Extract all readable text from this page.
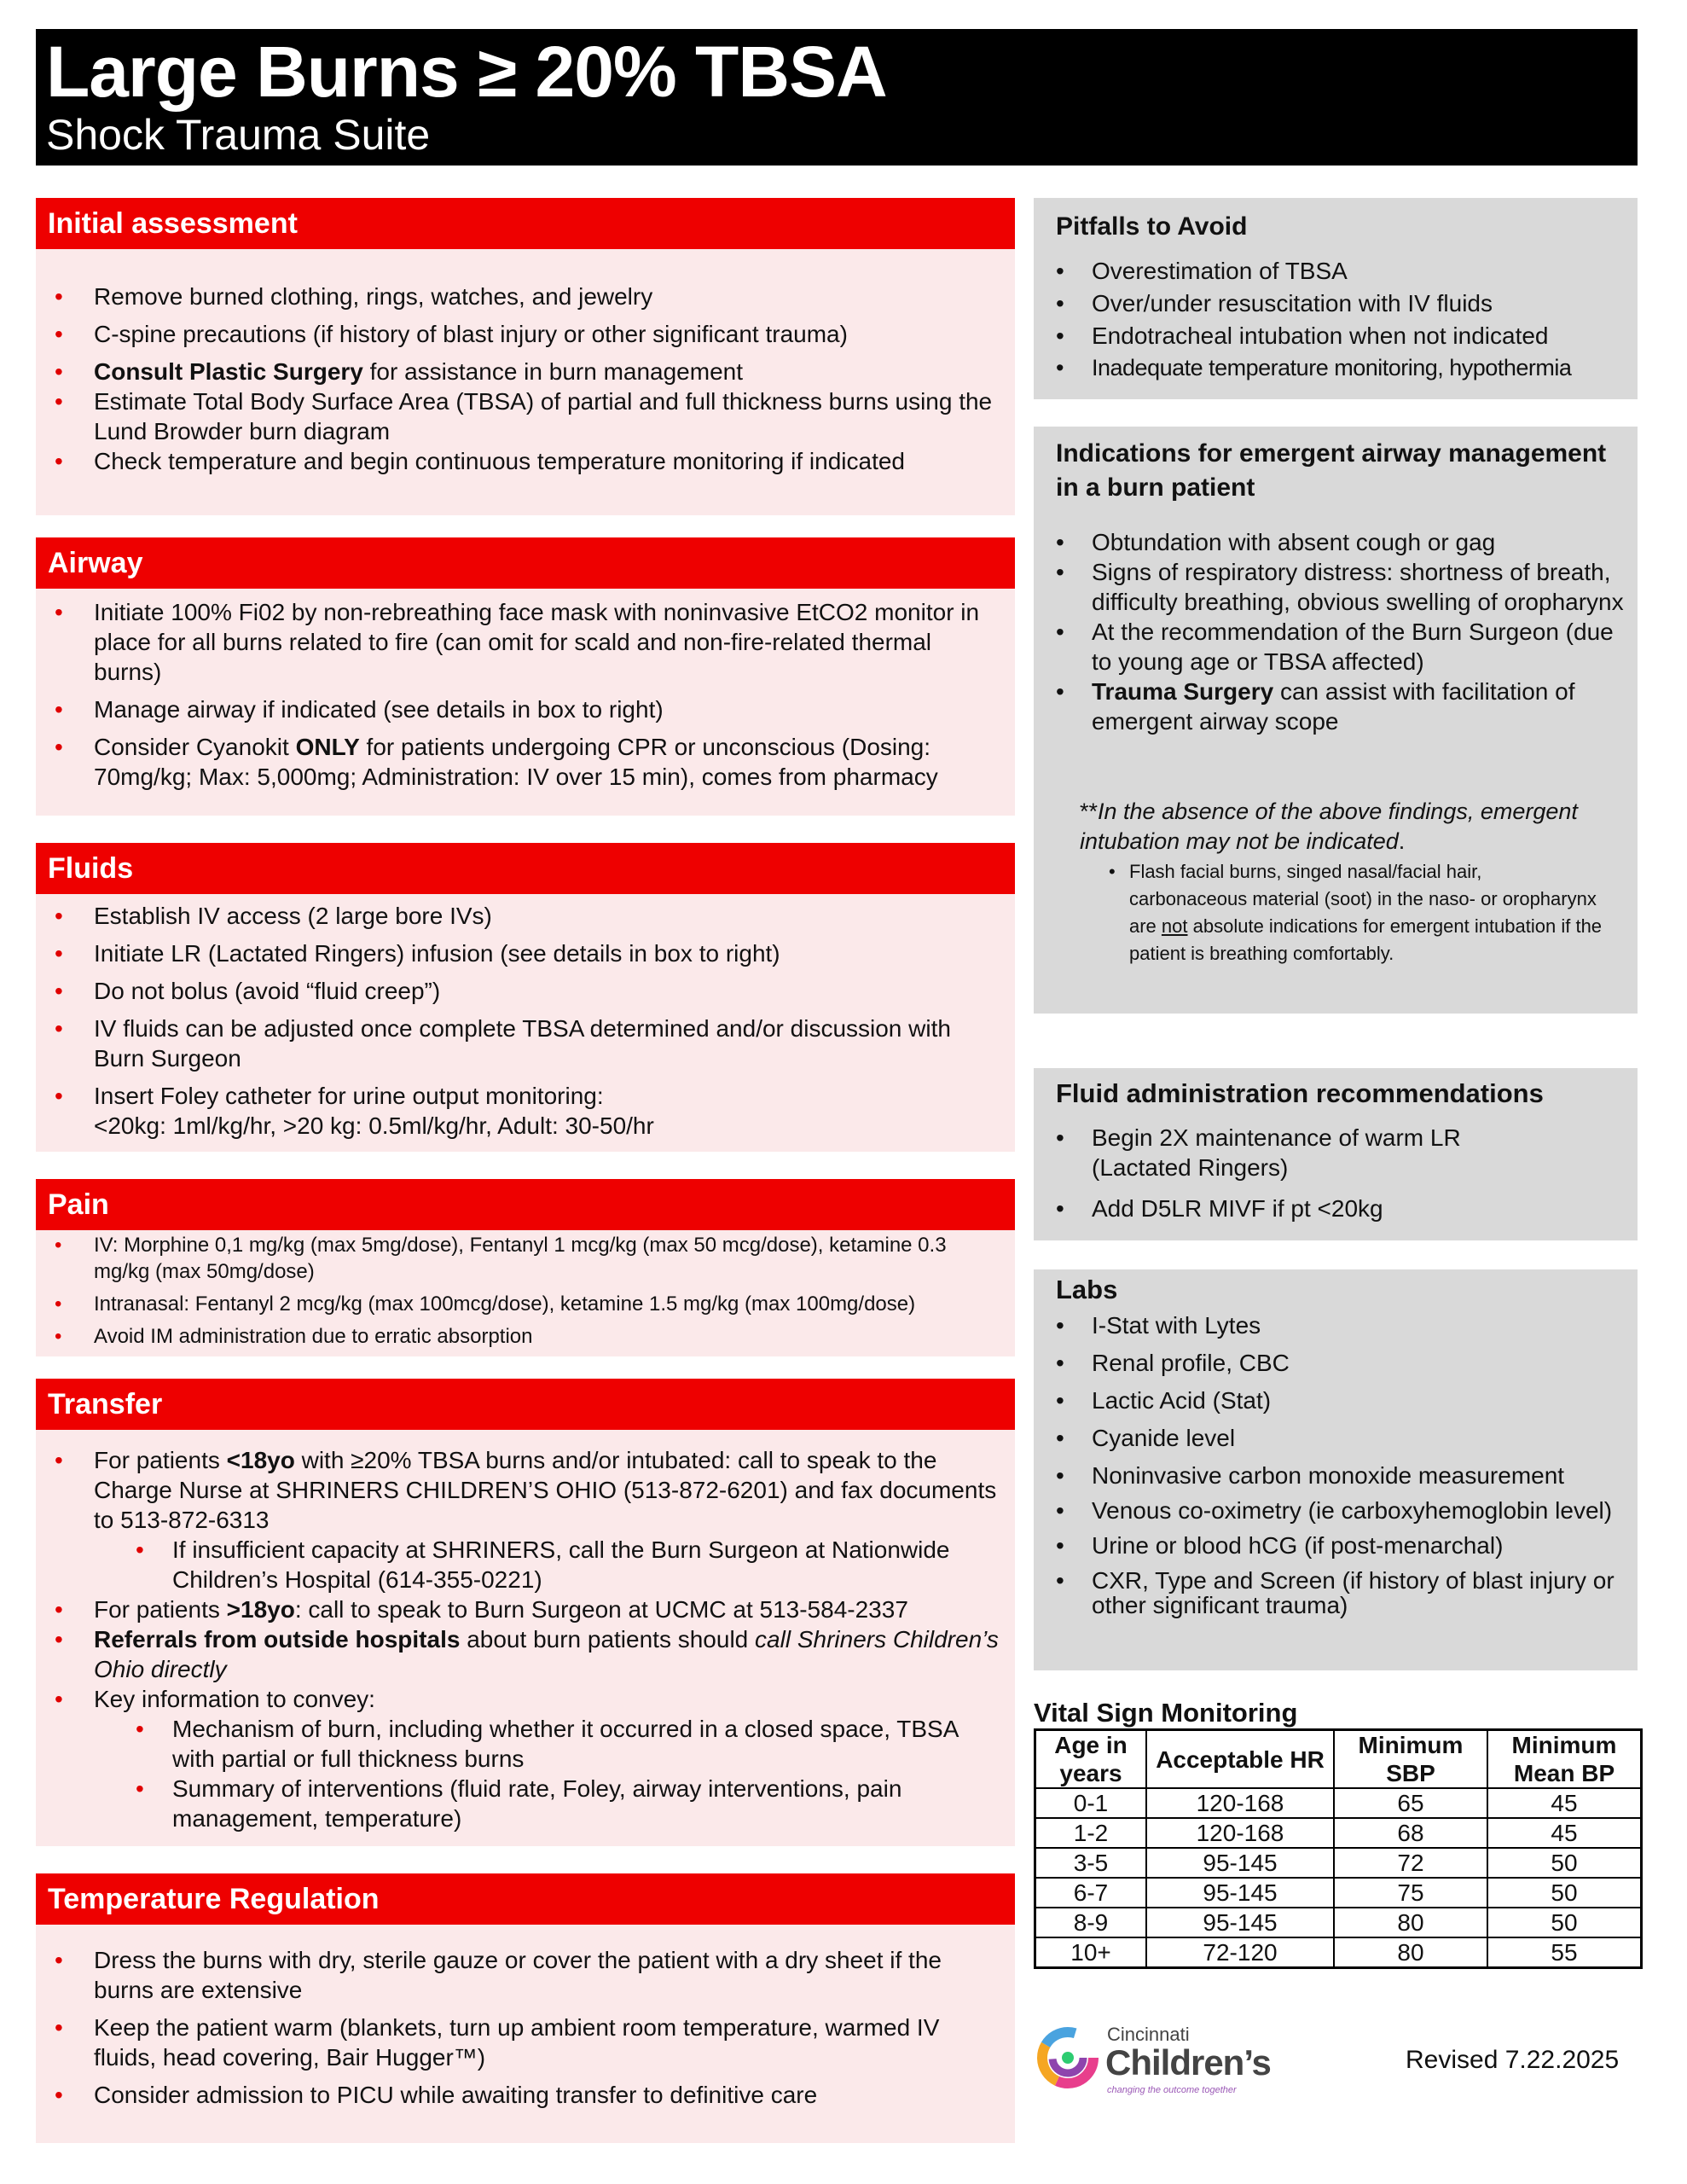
Large Burns ≥ 20% TBSA
Shock Trauma Suite
Initial assessment
• Remove burned clothing, rings, watches, and jewelry
• C-spine precautions (if history of blast injury or other significant trauma)
• Consult Plastic Surgery for assistance in burn management
• Estimate Total Body Surface Area (TBSA) of partial and full thickness burns using the Lund Browder burn diagram
• Check temperature and begin continuous temperature monitoring if indicated
Airway
• Initiate 100% Fi02 by non-rebreathing face mask with noninvasive EtCO2 monitor in place for all burns related to fire (can omit for scald and non-fire-related thermal burns)
• Manage airway if indicated (see details in box to right)
• Consider Cyanokit ONLY for patients undergoing CPR or unconscious (Dosing: 70mg/kg; Max: 5,000mg; Administration: IV over 15 min), comes from pharmacy
Fluids
• Establish IV access (2 large bore IVs)
• Initiate LR (Lactated Ringers) infusion (see details in box to right)
• Do not bolus (avoid “fluid creep”)
• IV fluids can be adjusted once complete TBSA determined and/or discussion with Burn Surgeon
• Insert Foley catheter for urine output monitoring:
<20kg: 1ml/kg/hr, >20 kg: 0.5ml/kg/hr, Adult: 30-50/hr
Pain
• IV: Morphine 0,1 mg/kg (max 5mg/dose), Fentanyl 1 mcg/kg (max 50 mcg/dose), ketamine 0.3 mg/kg (max 50mg/dose)
• Intranasal: Fentanyl 2 mcg/kg (max 100mcg/dose), ketamine 1.5 mg/kg (max 100mg/dose)
• Avoid IM administration due to erratic absorption
Transfer
• For patients <18yo with ≥20% TBSA burns and/or intubated: call to speak to the Charge Nurse at SHRINERS CHILDREN’S OHIO (513-872-6201) and fax documents to 513-872-6313
• If insufficient capacity at SHRINERS, call the Burn Surgeon at Nationwide Children’s Hospital (614-355-0221)
• For patients >18yo: call to speak to Burn Surgeon at UCMC at 513-584-2337
• Referrals from outside hospitals about burn patients should call Shriners Children’s Ohio directly
• Key information to convey:
• Mechanism of burn, including whether it occurred in a closed space, TBSA with partial or full thickness burns
• Summary of interventions (fluid rate, Foley, airway interventions, pain management, temperature)
Temperature Regulation
• Dress the burns with dry, sterile gauze or cover the patient with a dry sheet if the burns are extensive
• Keep the patient warm (blankets, turn up ambient room temperature, warmed IV fluids, head covering, Bair Hugger™)
• Consider admission to PICU while awaiting transfer to definitive care
Pitfalls to Avoid
• Overestimation of TBSA
• Over/under resuscitation with IV fluids
• Endotracheal intubation when not indicated
• Inadequate temperature monitoring, hypothermia
Indications for emergent airway management in a burn patient
• Obtundation with absent cough or gag
• Signs of respiratory distress: shortness of breath, difficulty breathing, obvious swelling of oropharynx
• At the recommendation of the Burn Surgeon (due to young age or TBSA affected)
• Trauma Surgery can assist with facilitation of emergent airway scope
**In the absence of the above findings, emergent intubation may not be indicated.
• Flash facial burns, singed nasal/facial hair, carbonaceous material (soot) in the naso- or oropharynx are not absolute indications for emergent intubation if the patient is breathing comfortably.
Fluid administration recommendations
• Begin 2X maintenance of warm LR (Lactated Ringers)
• Add D5LR MIVF if pt <20kg
Labs
• I-Stat with Lytes
• Renal profile, CBC
• Lactic Acid (Stat)
• Cyanide level
• Noninvasive carbon monoxide measurement
• Venous co-oximetry (ie carboxyhemoglobin level)
• Urine or blood hCG (if post-menarchal)
• CXR, Type and Screen (if history of blast injury or other significant trauma)
Vital Sign Monitoring
Age in years	Acceptable HR	Minimum SBP	Minimum Mean BP
0-1	120-168	65	45
1-2	120-168	68	45
3-5	95-145	72	50
6-7	95-145	75	50
8-9	95-145	80	50
10+	72-120	80	55
Cincinnati
Children’s
changing the outcome together
Revised 7.22.2025
